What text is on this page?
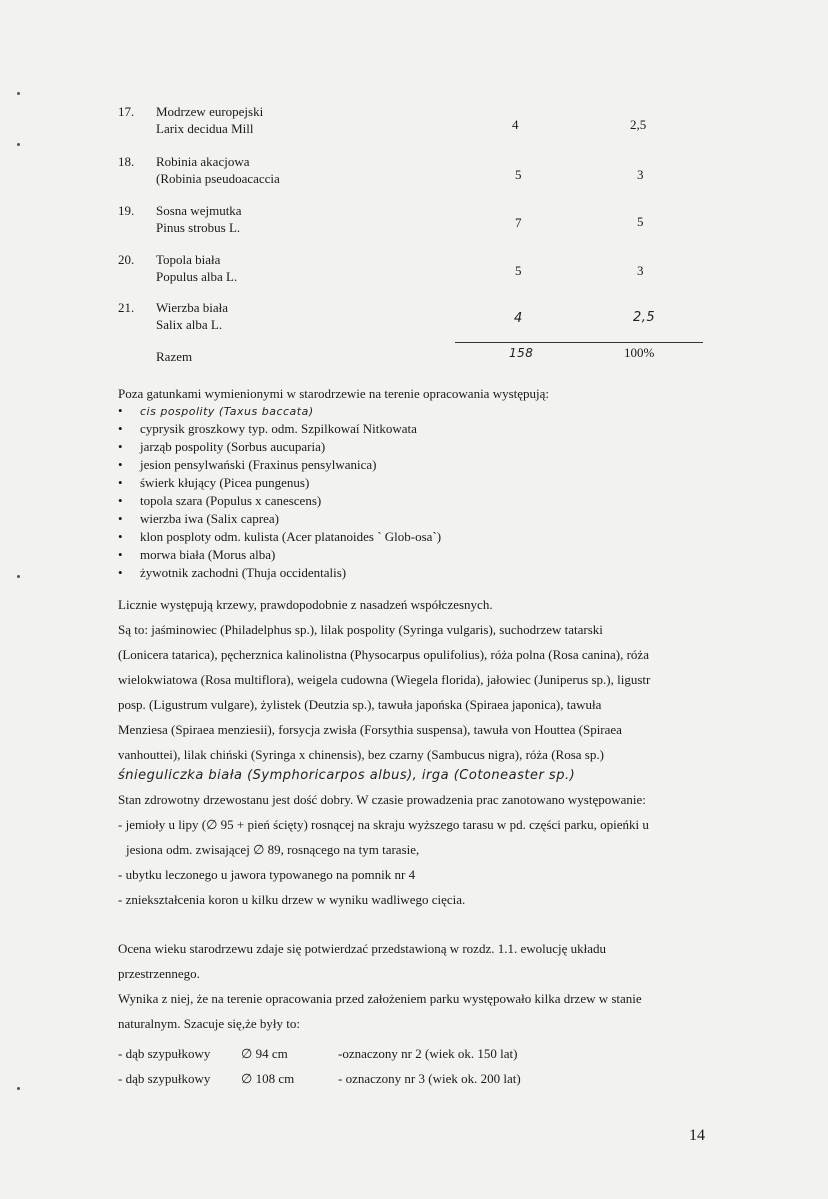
17. Modrzew europejski
Larix decidua Mill	4	2,5
18. Robinia akacjowa
(Robinia pseudoacaccia	5	3
19. Sosna wejmutka
Pinus strobus L.	7	5
20. Topola biała
Populus alba L.	5	3
21. Wierzba biała
Salix alba L.	4	2,5
Razem	158	100%
Poza gatunkami wymienionymi w starodrzewie na terenie opracowania występują:
• cis pospolity (Taxus baccata)
• cyprysik groszkowy typ. odm. Szpilkowaí Nitkowata
• jarząb pospolity (Sorbus aucuparia)
• jesion pensylwański (Fraxinus pensylwanica)
• świerk kłujący (Picea pungenus)
• topola szara (Populus x canescens)
• wierzba iwa (Salix caprea)
• klon posploty odm. kulista (Acer platanoides ` Glob-osa`)
• morwa biała (Morus alba)
• żywotnik zachodni (Thuja occidentalis)
Licznie występują krzewy, prawdopodobnie z nasadzeń współczesnych.
Są to: jaśminowiec (Philadelphus sp.), lilak pospolity (Syringa vulgaris), suchodrzew tatarski
(Lonicera tatarica), pęcherznica kalinolistna (Physocarpus opulifolius), róża polna (Rosa canina), róża
wielokwiatowa (Rosa multiflora), weigela cudowna (Wiegela florida), jałowiec (Juniperus sp.), ligustr
posp. (Ligustrum vulgare), żylistek (Deutzia sp.), tawuła japońska (Spiraea japonica), tawuła
Menziesa (Spiraea menziesii), forsycja zwisła (Forsythia suspensa), tawuła von Houttea (Spiraea
vanhouttei), lilak chiński (Syringa x chinensis), bez czarny (Sambucus nigra), róża (Rosa sp.)
śnieguliczka biała (Symphoricarpos albus), irga (Cotoneaster sp.)
Stan zdrowotny drzewostanu jest dość dobry. W czasie prowadzenia prac zanotowano występowanie:
- jemioły u lipy (∅ 95 + pień ścięty) rosnącej na skraju wyższego tarasu w pd. części parku, opieńki u
jesiona odm. zwisającej ∅ 89, rosnącego na tym tarasie,
- ubytku leczonego u jawora typowanego na pomnik nr 4
- zniekształcenia koron u kilku drzew w wyniku wadliwego cięcia.
Ocena wieku starodrzewu zdaje się potwierdzać przedstawioną w rozdz. 1.1. ewolucję układu
przestrzennego.
Wynika z niej, że na terenie opracowania przed założeniem parku występowało kilka drzew w stanie
naturalnym. Szacuje się,że były to:
- dąb szypułkowy ∅ 94 cm	-oznaczony nr 2 (wiek ok. 150 lat)
- dąb szypułkowy ∅ 108 cm	- oznaczony nr 3 (wiek ok. 200 lat)
14
